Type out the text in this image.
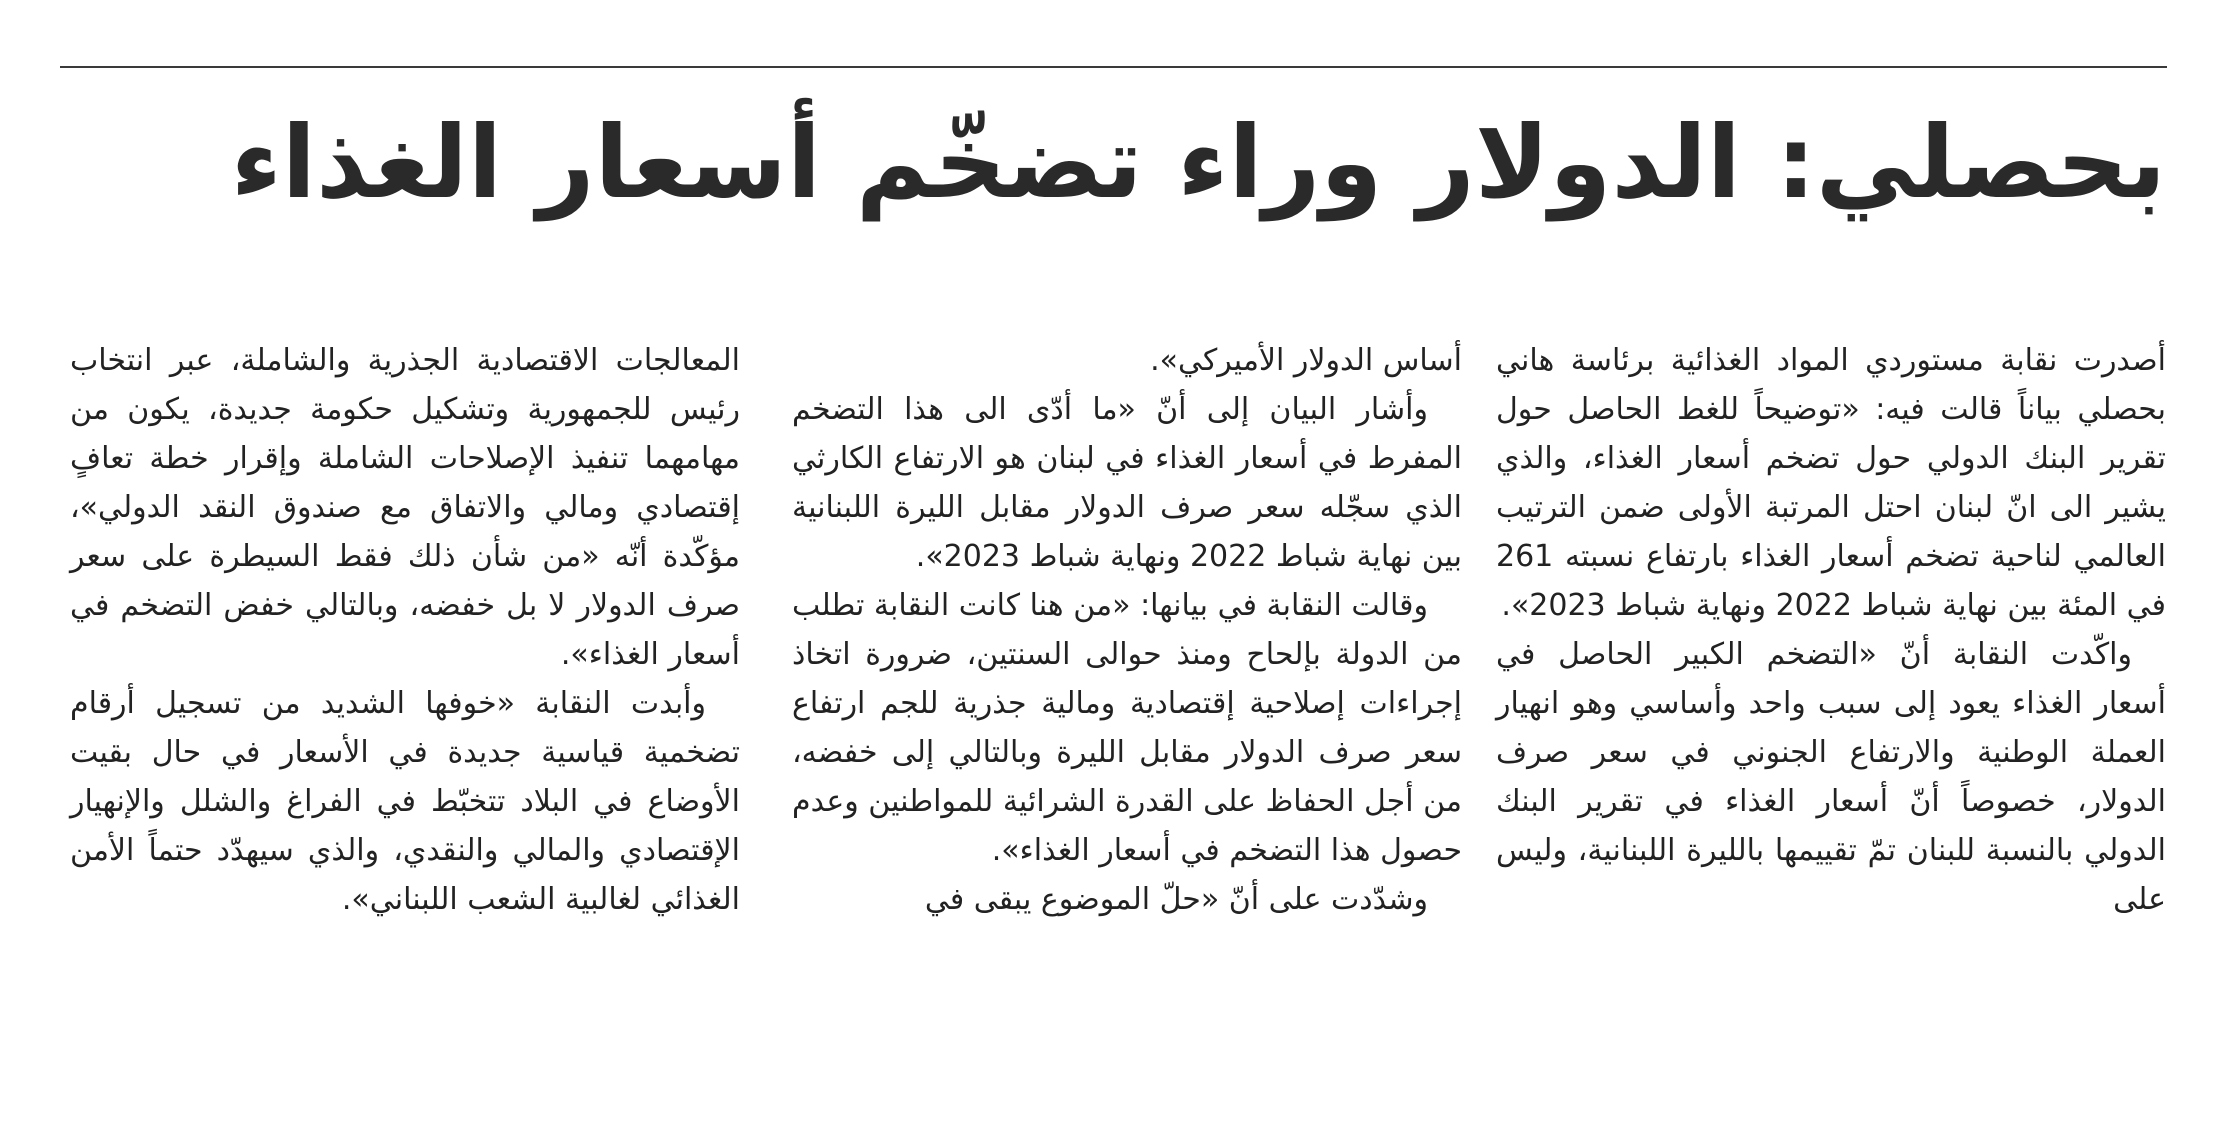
بحصلي: الدولار وراء تضخّم أسعار الغذاء

أصدرت نقابة مستوردي المواد الغذائية برئاسة هاني بحصلي بياناً قالت فيه: «توضيحاً للغط الحاصل حول تقرير البنك الدولي حول تضخم أسعار الغذاء، والذي يشير الى انّ لبنان احتل المرتبة الأولى ضمن الترتيب العالمي لناحية تضخم أسعار الغذاء بارتفاع نسبته 261 في المئة بين نهاية شباط 2022 ونهاية شباط 2023».

واكّدت النقابة أنّ «التضخم الكبير الحاصل في أسعار الغذاء يعود إلى سبب واحد وأساسي وهو انهيار العملة الوطنية والارتفاع الجنوني في سعر صرف الدولار، خصوصاً أنّ أسعار الغذاء في تقرير البنك الدولي بالنسبة للبنان تمّ تقييمها بالليرة اللبنانية، وليس على

أساس الدولار الأميركي».

وأشار البيان إلى أنّ «ما أدّى الى هذا التضخم المفرط في أسعار الغذاء في لبنان هو الارتفاع الكارثي الذي سجّله سعر صرف الدولار مقابل الليرة اللبنانية بين نهاية شباط 2022 ونهاية شباط 2023».

وقالت النقابة في بيانها: «من هنا كانت النقابة تطلب من الدولة بإلحاح ومنذ حوالى السنتين، ضرورة اتخاذ إجراءات إصلاحية إقتصادية ومالية جذرية للجم ارتفاع سعر صرف الدولار مقابل الليرة وبالتالي إلى خفضه، من أجل الحفاظ على القدرة الشرائية للمواطنين وعدم حصول هذا التضخم في أسعار الغذاء».

وشدّدت على أنّ «حلّ الموضوع يبقى في

المعالجات الاقتصادية الجذرية والشاملة، عبر انتخاب رئيس للجمهورية وتشكيل حكومة جديدة، يكون من مهامهما تنفيذ الإصلاحات الشاملة وإقرار خطة تعافٍ إقتصادي ومالي والاتفاق مع صندوق النقد الدولي»، مؤكّدة أنّه «من شأن ذلك فقط السيطرة على سعر صرف الدولار لا بل خفضه، وبالتالي خفض التضخم في أسعار الغذاء».

وأبدت النقابة «خوفها الشديد من تسجيل أرقام تضخمية قياسية جديدة في الأسعار في حال بقيت الأوضاع في البلاد تتخبّط في الفراغ والشلل والإنهيار الإقتصادي والمالي والنقدي، والذي سيهدّد حتماً الأمن الغذائي لغالبية الشعب اللبناني».
